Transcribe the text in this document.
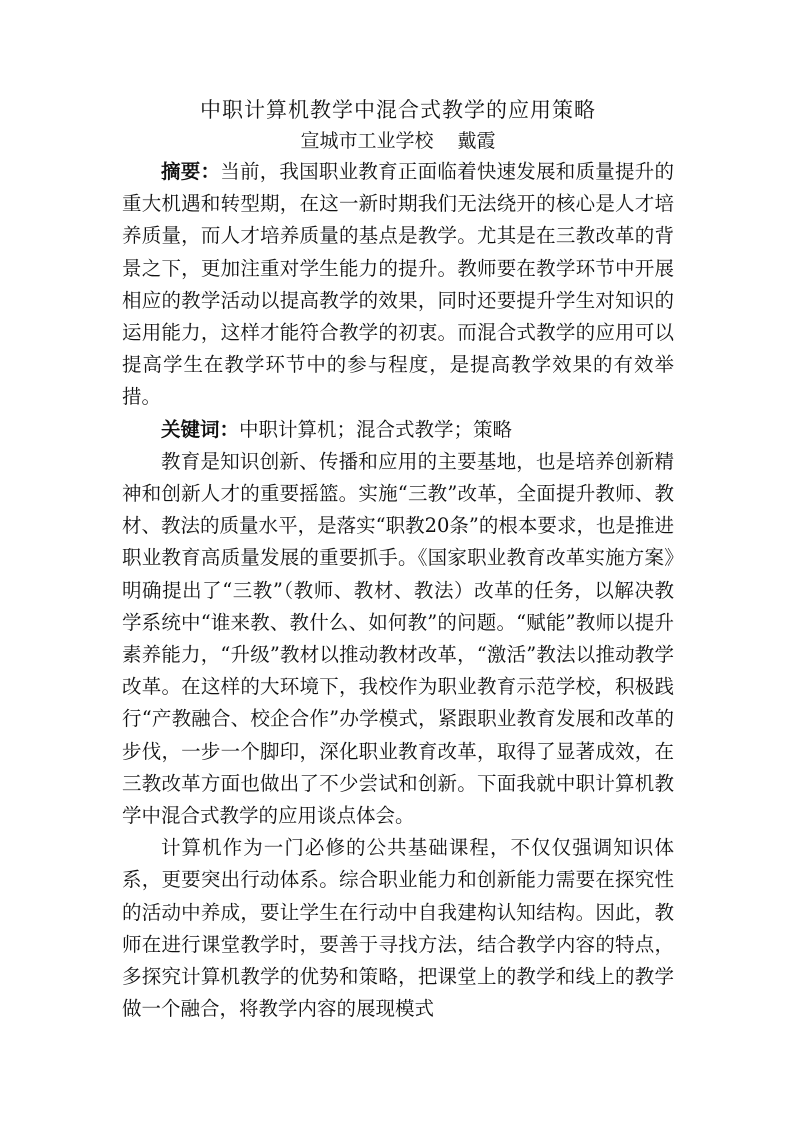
中职计算机教学中混合式教学的应用策略
宣城市工业学校 戴霞

摘要：当前，我国职业教育正面临着快速发展和质量提升的重大机遇和转型期，在这一新时期我们无法绕开的核心是人才培养质量，而人才培养质量的基点是教学。尤其是在三教改革的背景之下，更加注重对学生能力的提升。教师要在教学环节中开展相应的教学活动以提高教学的效果，同时还要提升学生对知识的运用能力，这样才能符合教学的初衷。而混合式教学的应用可以提高学生在教学环节中的参与程度，是提高教学效果的有效举措。

关键词：中职计算机；混合式教学；策略

教育是知识创新、传播和应用的主要基地，也是培养创新精神和创新人才的重要摇篮。实施“三教”改革，全面提升教师、教材、教法的质量水平，是落实“职教20条”的根本要求，也是推进职业教育高质量发展的重要抓手。《国家职业教育改革实施方案》明确提出了“三教”（教师、教材、教法）改革的任务，以解决教学系统中“谁来教、教什么、如何教”的问题。“赋能”教师以提升素养能力，“升级”教材以推动教材改革，“激活”教法以推动教学改革。在这样的大环境下，我校作为职业教育示范学校，积极践行“产教融合、校企合作”办学模式，紧跟职业教育发展和改革的步伐，一步一个脚印，深化职业教育改革，取得了显著成效，在三教改革方面也做出了不少尝试和创新。下面我就中职计算机教学中混合式教学的应用谈点体会。

计算机作为一门必修的公共基础课程，不仅仅强调知识体系，更要突出行动体系。综合职业能力和创新能力需要在探究性的活动中养成，要让学生在行动中自我建构认知结构。因此，教师在进行课堂教学时，要善于寻找方法，结合教学内容的特点，多探究计算机教学的优势和策略，把课堂上的教学和线上的教学做一个融合，将教学内容的展现模式
